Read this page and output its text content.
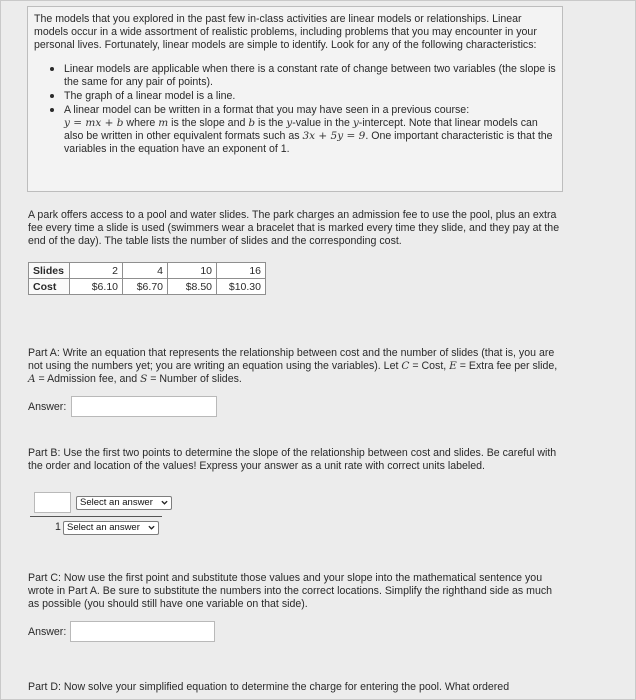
The models that you explored in the past few in-class activities are linear models or relationships. Linear models occur in a wide assortment of realistic problems, including problems that you may encounter in your personal lives. Fortunately, linear models are simple to identify. Look for any of the following characteristics:
• Linear models are applicable when there is a constant rate of change between two variables (the slope is the same for any pair of points).
• The graph of a linear model is a line.
• A linear model can be written in a format that you may have seen in a previous course:
y = mx + b where m is the slope and b is the y-value in the y-intercept. Note that linear models can also be written in other equivalent formats such as 3x + 5y = 9. One important characteristic is that the variables in the equation have an exponent of 1.
A park offers access to a pool and water slides. The park charges an admission fee to use the pool, plus an extra fee every time a slide is used (swimmers wear a bracelet that is marked every time they slide, and they pay at the end of the day). The table lists the number of slides and the corresponding cost.
Slides	2	4	10	16
Cost	$6.10	$6.70	$8.50	$10.30
Part A: Write an equation that represents the relationship between cost and the number of slides (that is, you are not using the numbers yet; you are writing an equation using the variables). Let C = Cost, E = Extra fee per slide, A = Admission fee, and S = Number of slides.
Answer:
Part B: Use the first two points to determine the slope of the relationship between cost and slides. Be careful with the order and location of the values! Express your answer as a unit rate with correct units labeled.
Select an answer
1 Select an answer
Part C: Now use the first point and substitute those values and your slope into the mathematical sentence you wrote in Part A. Be sure to substitute the numbers into the correct locations. Simplify the righthand side as much as possible (you should still have one variable on that side).
Answer:
Part D: Now solve your simplified equation to determine the charge for entering the pool. What ordered
